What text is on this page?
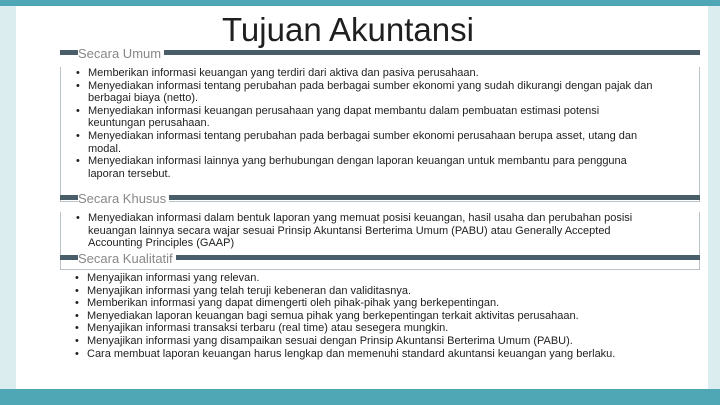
Tujuan Akuntansi
Secara Umum
• Memberikan informasi keuangan yang terdiri dari aktiva dan pasiva perusahaan.
• Menyediakan informasi tentang perubahan pada berbagai sumber ekonomi yang sudah dikurangi dengan pajak dan berbagai biaya (netto).
• Menyediakan informasi keuangan perusahaan yang dapat membantu dalam pembuatan estimasi potensi keuntungan perusahaan.
• Menyediakan informasi tentang perubahan pada berbagai sumber ekonomi perusahaan berupa asset, utang dan modal.
• Menyediakan informasi lainnya yang berhubungan dengan laporan keuangan untuk membantu para pengguna laporan tersebut.
Secara Khusus
• Menyediakan informasi dalam bentuk laporan yang memuat posisi keuangan, hasil usaha dan perubahan posisi keuangan lainnya secara wajar sesuai Prinsip Akuntansi Berterima Umum (PABU) atau Generally Accepted Accounting Principles (GAAP)
Secara Kualitatif
• Menyajikan informasi yang relevan.
• Menyajikan informasi yang telah teruji kebeneran dan validitasnya.
• Memberikan informasi yang dapat dimengerti oleh pihak-pihak yang berkepentingan.
• Menyediakan laporan keuangan bagi semua pihak yang berkepentingan terkait aktivitas perusahaan.
• Menyajikan informasi transaksi terbaru (real time) atau sesegera mungkin.
• Menyajikan informasi yang disampaikan sesuai dengan Prinsip Akuntansi Berterima Umum (PABU).
• Cara membuat laporan keuangan harus lengkap dan memenuhi standard akuntansi keuangan yang berlaku.
